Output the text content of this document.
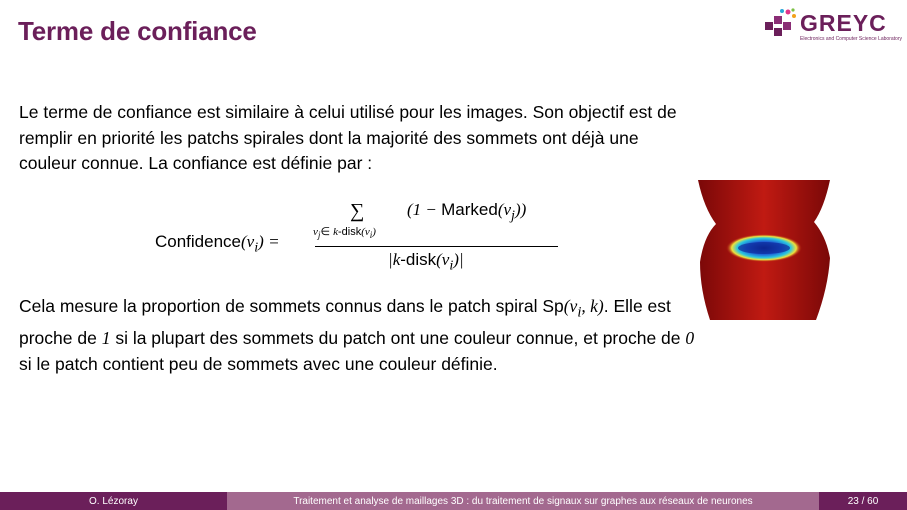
Terme de confiance	GREYC
Electronics and Computer Science Laboratory
Le terme de confiance est similaire à celui utilisé pour les images. Son objectif est de remplir en priorité les patchs spirales dont la majorité des sommets ont déjà une couleur connue. La confiance est définie par :
$Confidence(v_i)$ =
∑
$v_j\in$ $k-disk(v_i)$
$(1 - Marked(v_j))$
$|k-disk(v_i)|$
Cela mesure la proportion de sommets connus dans le patch spiral $Sp(v_i$, k). Elle est proche de 1 si la plupart des sommets du patch ont une couleur connue, et proche de 0 si le patch contient peu de sommets avec une couleur définie.
O. Lézoray	Traitement et analyse de maillages 3D : du traitement de signaux sur graphes aux réseaux de neurones	23 / 60
